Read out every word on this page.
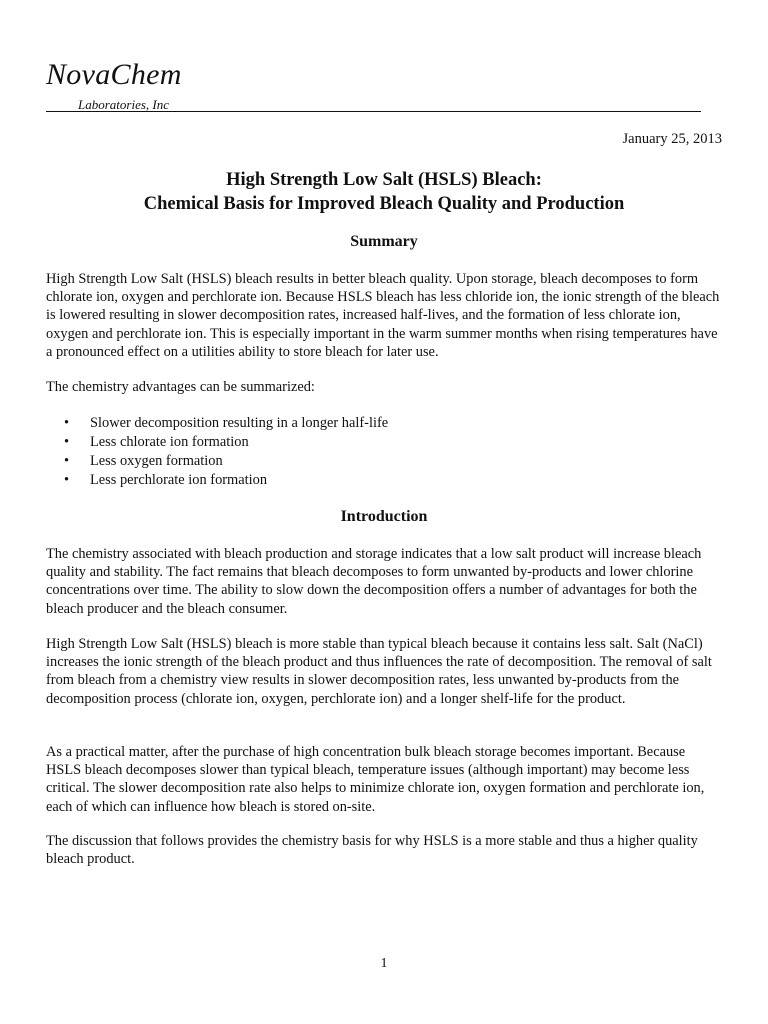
NovaChem
Laboratories, Inc
January 25, 2013
High Strength Low Salt (HSLS) Bleach:
Chemical Basis for Improved Bleach Quality and Production
Summary
High Strength Low Salt (HSLS) bleach results in better bleach quality. Upon storage, bleach decomposes to form chlorate ion, oxygen and perchlorate ion. Because HSLS bleach has less chloride ion, the ionic strength of the bleach is lowered resulting in slower decomposition rates, increased half-lives, and the formation of less chlorate ion, oxygen and perchlorate ion. This is especially important in the warm summer months when rising temperatures have a pronounced effect on a utilities ability to store bleach for later use.
The chemistry advantages can be summarized:
• Slower decomposition resulting in a longer half-life
• Less chlorate ion formation
• Less oxygen formation
• Less perchlorate ion formation
Introduction
The chemistry associated with bleach production and storage indicates that a low salt product will increase bleach quality and stability. The fact remains that bleach decomposes to form unwanted by-products and lower chlorine concentrations over time. The ability to slow down the decomposition offers a number of advantages for both the bleach producer and the bleach consumer.
High Strength Low Salt (HSLS) bleach is more stable than typical bleach because it contains less salt. Salt (NaCl) increases the ionic strength of the bleach product and thus influences the rate of decomposition. The removal of salt from bleach from a chemistry view results in slower decomposition rates, less unwanted by-products from the decomposition process (chlorate ion, oxygen, perchlorate ion) and a longer shelf-life for the product.
As a practical matter, after the purchase of high concentration bulk bleach storage becomes important. Because HSLS bleach decomposes slower than typical bleach, temperature issues (although important) may become less critical. The slower decomposition rate also helps to minimize chlorate ion, oxygen formation and perchlorate ion, each of which can influence how bleach is stored on-site.
The discussion that follows provides the chemistry basis for why HSLS is a more stable and thus a higher quality bleach product.
1
